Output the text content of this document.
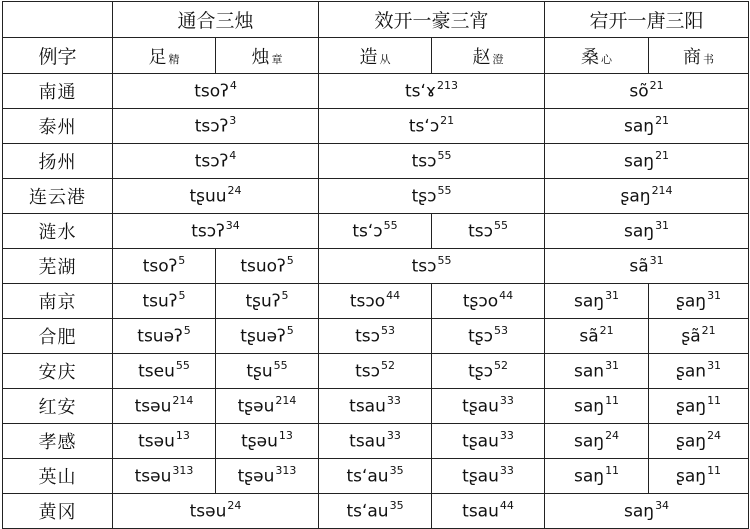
	通合三烛		效开一豪三宵		宕开一唐三阳	
例字	足 精	烛 章	造 从	赵 澄	桑 心	商 书
南通	tsoʔ$^4$		tsʻɤ$^{213}$		$sõ^{21}$
泰州	tsɔʔ$^3$		tsʻɔ$^{21}$		saŋ$^{21}$
扬州	tsɔʔ$^4$		tsɔ$^{55}$		saŋ$^{21}$
连云港	tʂuu$^{24}$		tʂɔ$^{55}$		ʂaŋ$^{214}$
涟水	tsɔʔ$^{34}$		tsʻɔ$^{55}$	tsɔ$^{55}$	saŋ$^{31}$
芜湖	tsoʔ$^5$	tsuoʔ$^5$	tsɔ$^{55}$		$sã^{31}$
南京	tsuʔ$^5$	tʂuʔ$^5$	tsɔo$^{44}$	tʂɔo$^{44}$	saŋ$^{31}$	ʂaŋ$^{31}$
合肥	tsuəʔ$^5$	tʂuəʔ$^5$	tsɔ$^{53}$	tʂɔ$^{53}$	$sã^{21}$	ʂã$^{21}$
安庆	tseu$^{55}$	tʂu$^{55}$	tsɔ$^{52}$	tʂɔ$^{52}$	san$^{31}$	ʂan$^{31}$
红安	tsəu$^{214}$	tʂəu$^{214}$	tsau$^{33}$	tʂau$^{33}$	saŋ$^{11}$	ʂaŋ$^{11}$
孝感	tsəu$^{13}$	tʂəu$^{13}$	tsau$^{33}$	tʂau$^{33}$	saŋ$^{24}$	ʂaŋ$^{24}$
英山	tsəu$^{313}$	tʂəu$^{313}$	tsʻau$^{35}$	tʂau$^{33}$	saŋ$^{11}$	ʂaŋ$^{11}$
黄冈	tsəu$^{24}$		tsʻau$^{35}$	tsau$^{44}$	saŋ$^{34}$
